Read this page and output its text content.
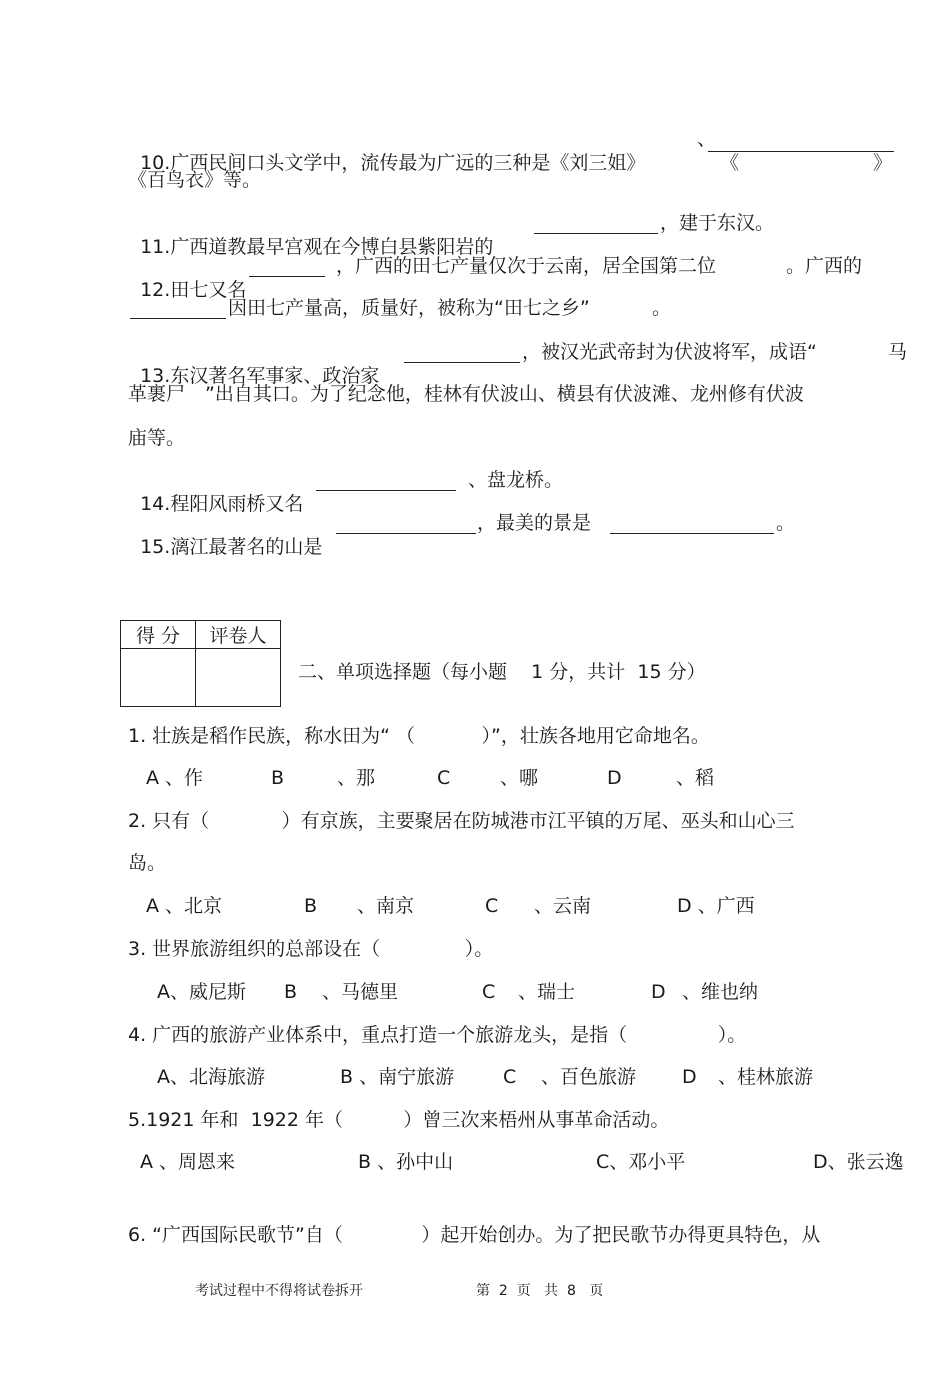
10.广西民间口头文学中，流传最为广远的三种是《刘三姐》

、

《	》

《百鸟衣》等。

11.广西道教最早宫观在今博白县紫阳岩的

，建于东汉。

12.田七又名

，广西的田七产量仅次于云南，居全国第二位	。广西的
因田七产量高，质量好，被称为“田七之乡”	。

13.东汉著名军事家、政治家

，被汉光武帝封为伏波将军，成语“	马
革裹尸 ”出自其口。为了纪念他，桂林有伏波山、横县有伏波滩、龙州修有伏波
庙等。

14.程阳风雨桥又名

、盘龙桥。

15.漓江最著名的山是

，最美的景是	。
得 分	评卷人

二、单项选择题（每小题    1 分，共计  15 分）
1. 壮族是稻作民族，称水田为“ （           ）”，壮族各地用它命地名。
A 、作	B	、那	C	、哪	D	、稻
2. 只有（            ）有京族，主要聚居在防城港市江平镇的万尾、巫头和山心三
岛。
A 、北京	B 、南京	C 、云南	D 、广西
3. 世界旅游组织的总部设在（              ）。
A、威尼斯 B 、马德里	C 、瑞士	D 、维也纳
4. 广西的旅游产业体系中，重点打造一个旅游龙头，是指（               ）。
A、北海旅游	B 、南宁旅游	C 、百色旅游 D 、桂林旅游
5.1921 年和  1922 年（          ）曾三次来梧州从事革命活动。
A 、周恩来	B 、孙中山	C、邓小平	D、张云逸
6. “广西国际民歌节”自（             ）起开始创办。为了把民歌节办得更具特色，从
考试过程中不得将试卷拆开	第  2  页   共  8   页
